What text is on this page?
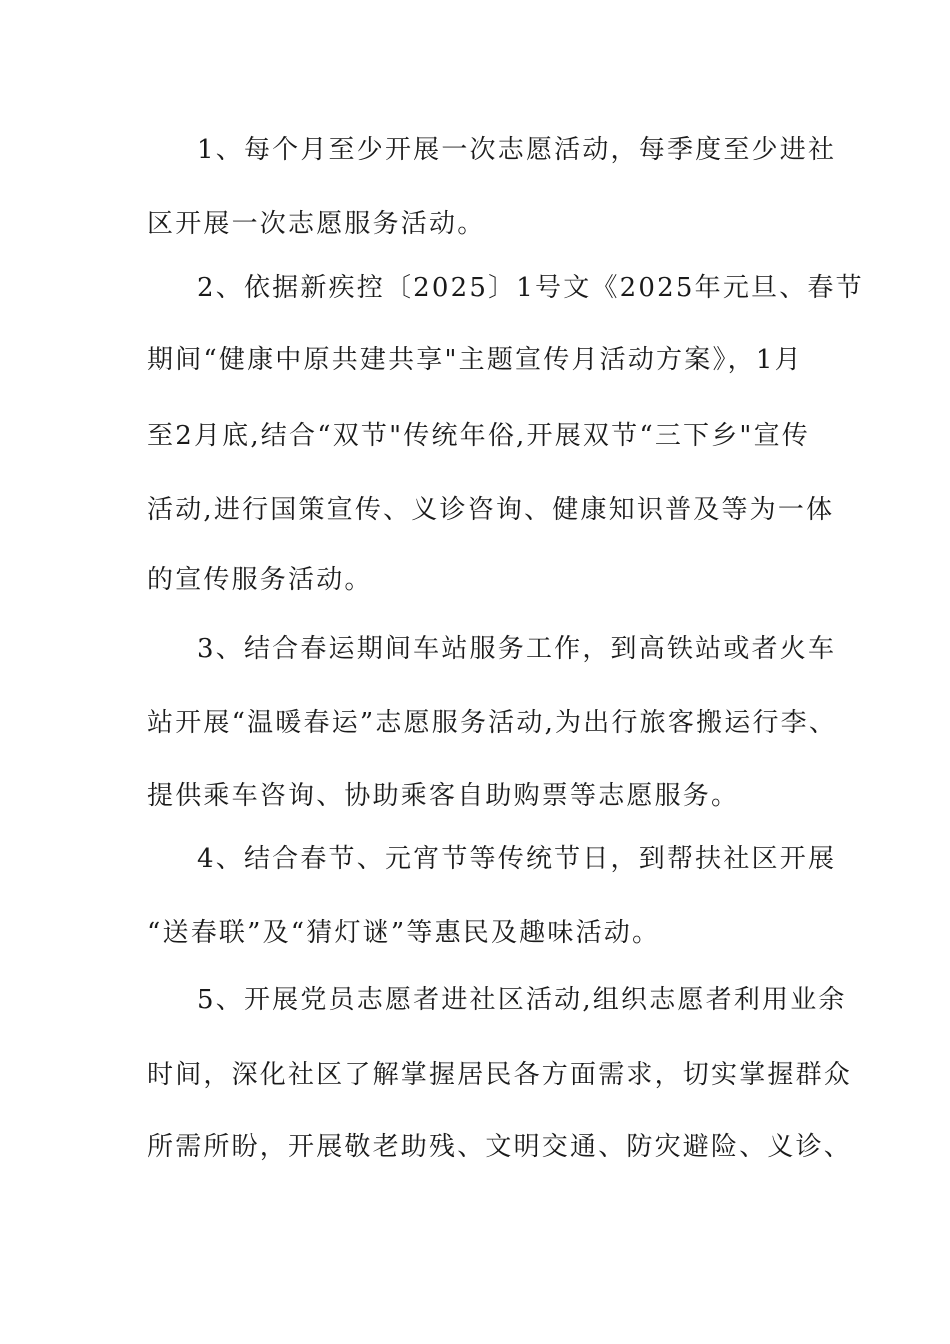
1、每个月至少开展一次志愿活动，每季度至少进社
区开展一次志愿服务活动。
2、依据新疾控〔2025〕1号文《2025年元旦、春节
期间“健康中原共建共享"主题宣传月活动方案》，1月
至2月底,结合“双节"传统年俗,开展双节“三下乡"宣传
活动,进行国策宣传、义诊咨询、健康知识普及等为一体
的宣传服务活动。
3、结合春运期间车站服务工作，到高铁站或者火车
站开展“温暖春运”志愿服务活动,为出行旅客搬运行李、
提供乘车咨询、协助乘客自助购票等志愿服务。
4、结合春节、元宵节等传统节日，到帮扶社区开展
“送春联”及“猜灯谜”等惠民及趣味活动。
5、开展党员志愿者进社区活动,组织志愿者利用业余
时间，深化社区了解掌握居民各方面需求，切实掌握群众
所需所盼，开展敬老助残、文明交通、防灾避险、义诊、
